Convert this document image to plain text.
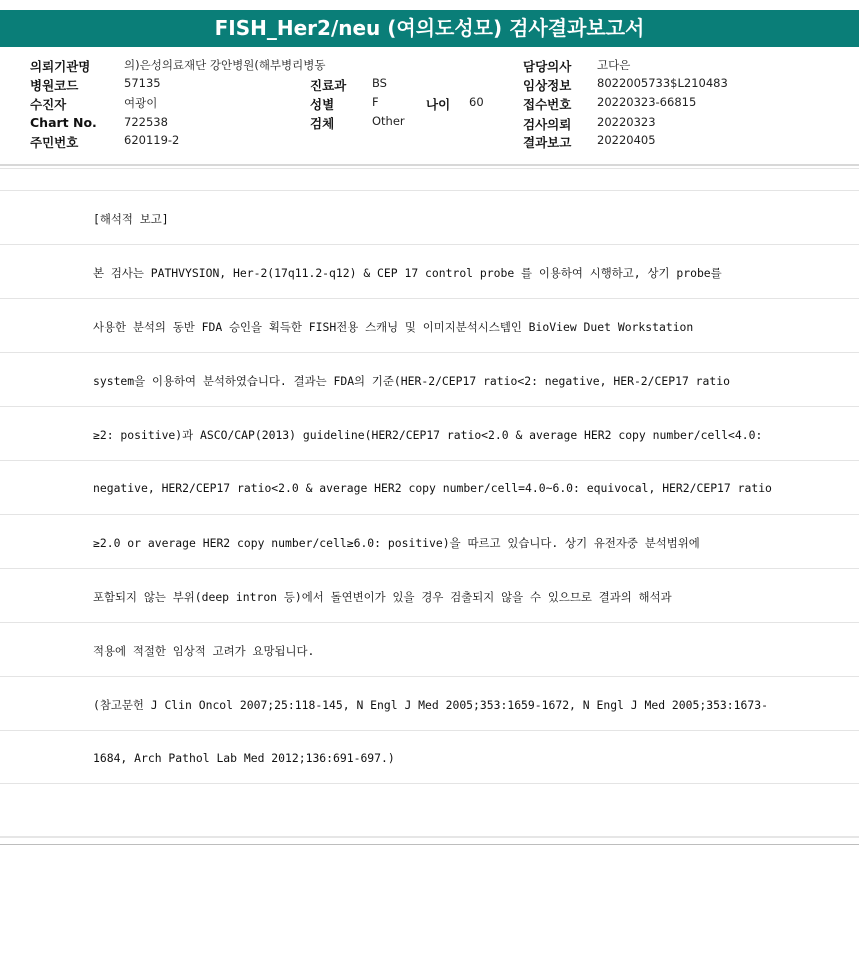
FISH_Her2/neu (여의도성모) 검사결과보고서
의뢰기관명	의)은성의료재단 강안병원(해부병리병동
병원코드	57135
수진자	여광이
Chart No. 722538
주민번호	620119-2
진료과 BS
성별	F	나이 60
검체	Other
담당의사 고다은
임상정보 8022005733$L210483
접수번호 20220323-66815
검사의뢰 20220323
결과보고 20220405
[해석적 보고]
본 검사는 PATHVYSION, Her-2(17q11.2-q12) & CEP 17 control probe 를 이용하여 시행하고, 상기 probe를
사용한 분석의 동반 FDA 승인을 획득한 FISH전용 스캐닝 및 이미지분석시스템인 BioView Duet Workstation
system을 이용하여 분석하였습니다. 결과는 FDA의 기준(HER-2/CEP17 ratio<2: negative, HER-2/CEP17 ratio
≥2: positive)과 ASCO/CAP(2013) guideline(HER2/CEP17 ratio<2.0 & average HER2 copy number/cell<4.0:
negative, HER2/CEP17 ratio<2.0 & average HER2 copy number/cell=4.0~6.0: equivocal, HER2/CEP17 ratio
≥2.0 or average HER2 copy number/cell≥6.0: positive)을 따르고 있습니다. 상기 유전자중 분석범위에
포함되지 않는 부위(deep intron 등)에서 돌연변이가 있을 경우 검출되지 않을 수 있으므로 결과의 해석과
적용에 적절한 임상적 고려가 요망됩니다.
(참고문헌 J Clin Oncol 2007;25:118-145, N Engl J Med 2005;353:1659-1672, N Engl J Med 2005;353:1673-
1684, Arch Pathol Lab Med 2012;136:691-697.)
